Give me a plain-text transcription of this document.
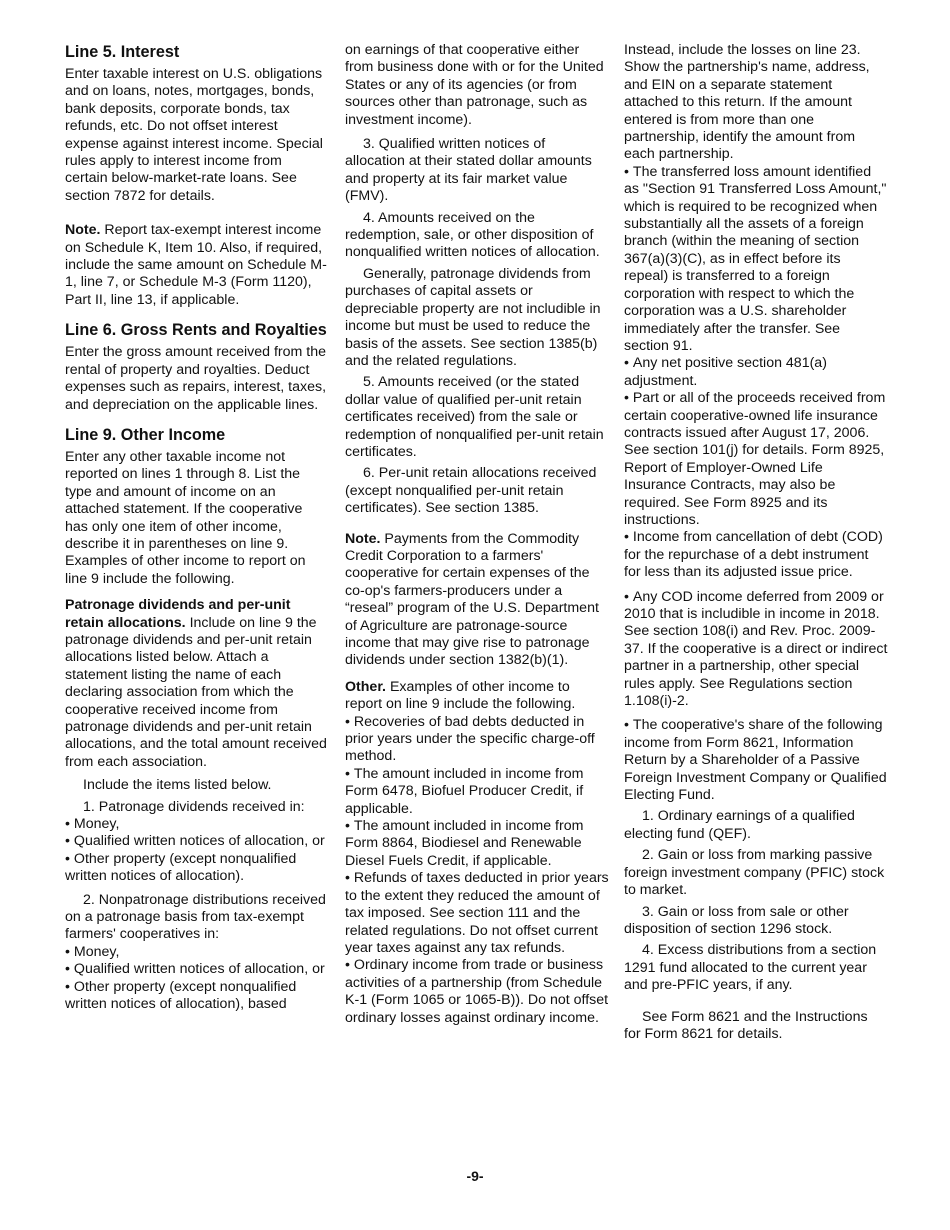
Line 5. Interest

Enter taxable interest on U.S. obligations and on loans, notes, mortgages, bonds, bank deposits, corporate bonds, tax refunds, etc. Do not offset interest expense against interest income. Special rules apply to interest income from certain below-market-rate loans. See section 7872 for details.

Note. Report tax-exempt interest income on Schedule K, Item 10. Also, if required, include the same amount on Schedule M-1, line 7, or Schedule M-3 (Form 1120), Part II, line 13, if applicable.

Line 6. Gross Rents and Royalties

Enter the gross amount received from the rental of property and royalties. Deduct expenses such as repairs, interest, taxes, and depreciation on the applicable lines.

Line 9. Other Income

Enter any other taxable income not reported on lines 1 through 8. List the type and amount of income on an attached statement. If the cooperative has only one item of other income, describe it in parentheses on line 9. Examples of other income to report on line 9 include the following.

Patronage dividends and per-unit retain allocations. Include on line 9 the patronage dividends and per-unit retain allocations listed below. Attach a statement listing the name of each declaring association from which the cooperative received income from patronage dividends and per-unit retain allocations, and the total amount received from each association.

Include the items listed below.

1. Patronage dividends received in:

• Money,

• Qualified written notices of allocation, or

• Other property (except nonqualified written notices of allocation).

2. Nonpatronage distributions received on a patronage basis from tax-exempt farmers' cooperatives in:

• Money,

• Qualified written notices of allocation, or

• Other property (except nonqualified written notices of allocation), based

on earnings of that cooperative either from business done with or for the United States or any of its agencies (or from sources other than patronage, such as investment income).

3. Qualified written notices of allocation at their stated dollar amounts and property at its fair market value (FMV).

4. Amounts received on the redemption, sale, or other disposition of nonqualified written notices of allocation.

Generally, patronage dividends from purchases of capital assets or depreciable property are not includible in income but must be used to reduce the basis of the assets. See section 1385(b) and the related regulations.

5. Amounts received (or the stated dollar value of qualified per-unit retain certificates received) from the sale or redemption of nonqualified per-unit retain certificates.

6. Per-unit retain allocations received (except nonqualified per-unit retain certificates). See section 1385.

Note. Payments from the Commodity Credit Corporation to a farmers' cooperative for certain expenses of the co-op's farmers-producers under a “reseal” program of the U.S. Department of Agriculture are patronage-source income that may give rise to patronage dividends under section 1382(b)(1).

Other. Examples of other income to report on line 9 include the following.

• Recoveries of bad debts deducted in prior years under the specific charge-off method.

• The amount included in income from Form 6478, Biofuel Producer Credit, if applicable.

• The amount included in income from Form 8864, Biodiesel and Renewable Diesel Fuels Credit, if applicable.

• Refunds of taxes deducted in prior years to the extent they reduced the amount of tax imposed. See section 111 and the related regulations. Do not offset current year taxes against any tax refunds.

• Ordinary income from trade or business activities of a partnership (from Schedule K-1 (Form 1065 or 1065-B)). Do not offset ordinary losses against ordinary income.

Instead, include the losses on line 23. Show the partnership's name, address, and EIN on a separate statement attached to this return. If the amount entered is from more than one partnership, identify the amount from each partnership.

• The transferred loss amount identified as "Section 91 Transferred Loss Amount," which is required to be recognized when substantially all the assets of a foreign branch (within the meaning of section 367(a)(3)(C), as in effect before its repeal) is transferred to a foreign corporation with respect to which the corporation was a U.S. shareholder immediately after the transfer. See section 91.

• Any net positive section 481(a) adjustment.

• Part or all of the proceeds received from certain cooperative-owned life insurance contracts issued after August 17, 2006. See section 101(j) for details. Form 8925, Report of Employer-Owned Life Insurance Contracts, may also be required. See Form 8925 and its instructions.

• Income from cancellation of debt (COD) for the repurchase of a debt instrument for less than its adjusted issue price.

• Any COD income deferred from 2009 or 2010 that is includible in income in 2018. See section 108(i) and Rev. Proc. 2009-37. If the cooperative is a direct or indirect partner in a partnership, other special rules apply. See Regulations section 1.108(i)-2.

• The cooperative's share of the following income from Form 8621, Information Return by a Shareholder of a Passive Foreign Investment Company or Qualified Electing Fund.

1. Ordinary earnings of a qualified electing fund (QEF).

2. Gain or loss from marking passive foreign investment company (PFIC) stock to market.

3. Gain or loss from sale or other disposition of section 1296 stock.

4. Excess distributions from a section 1291 fund allocated to the current year and pre-PFIC years, if any.

See Form 8621 and the Instructions for Form 8621 for details.

-9-
